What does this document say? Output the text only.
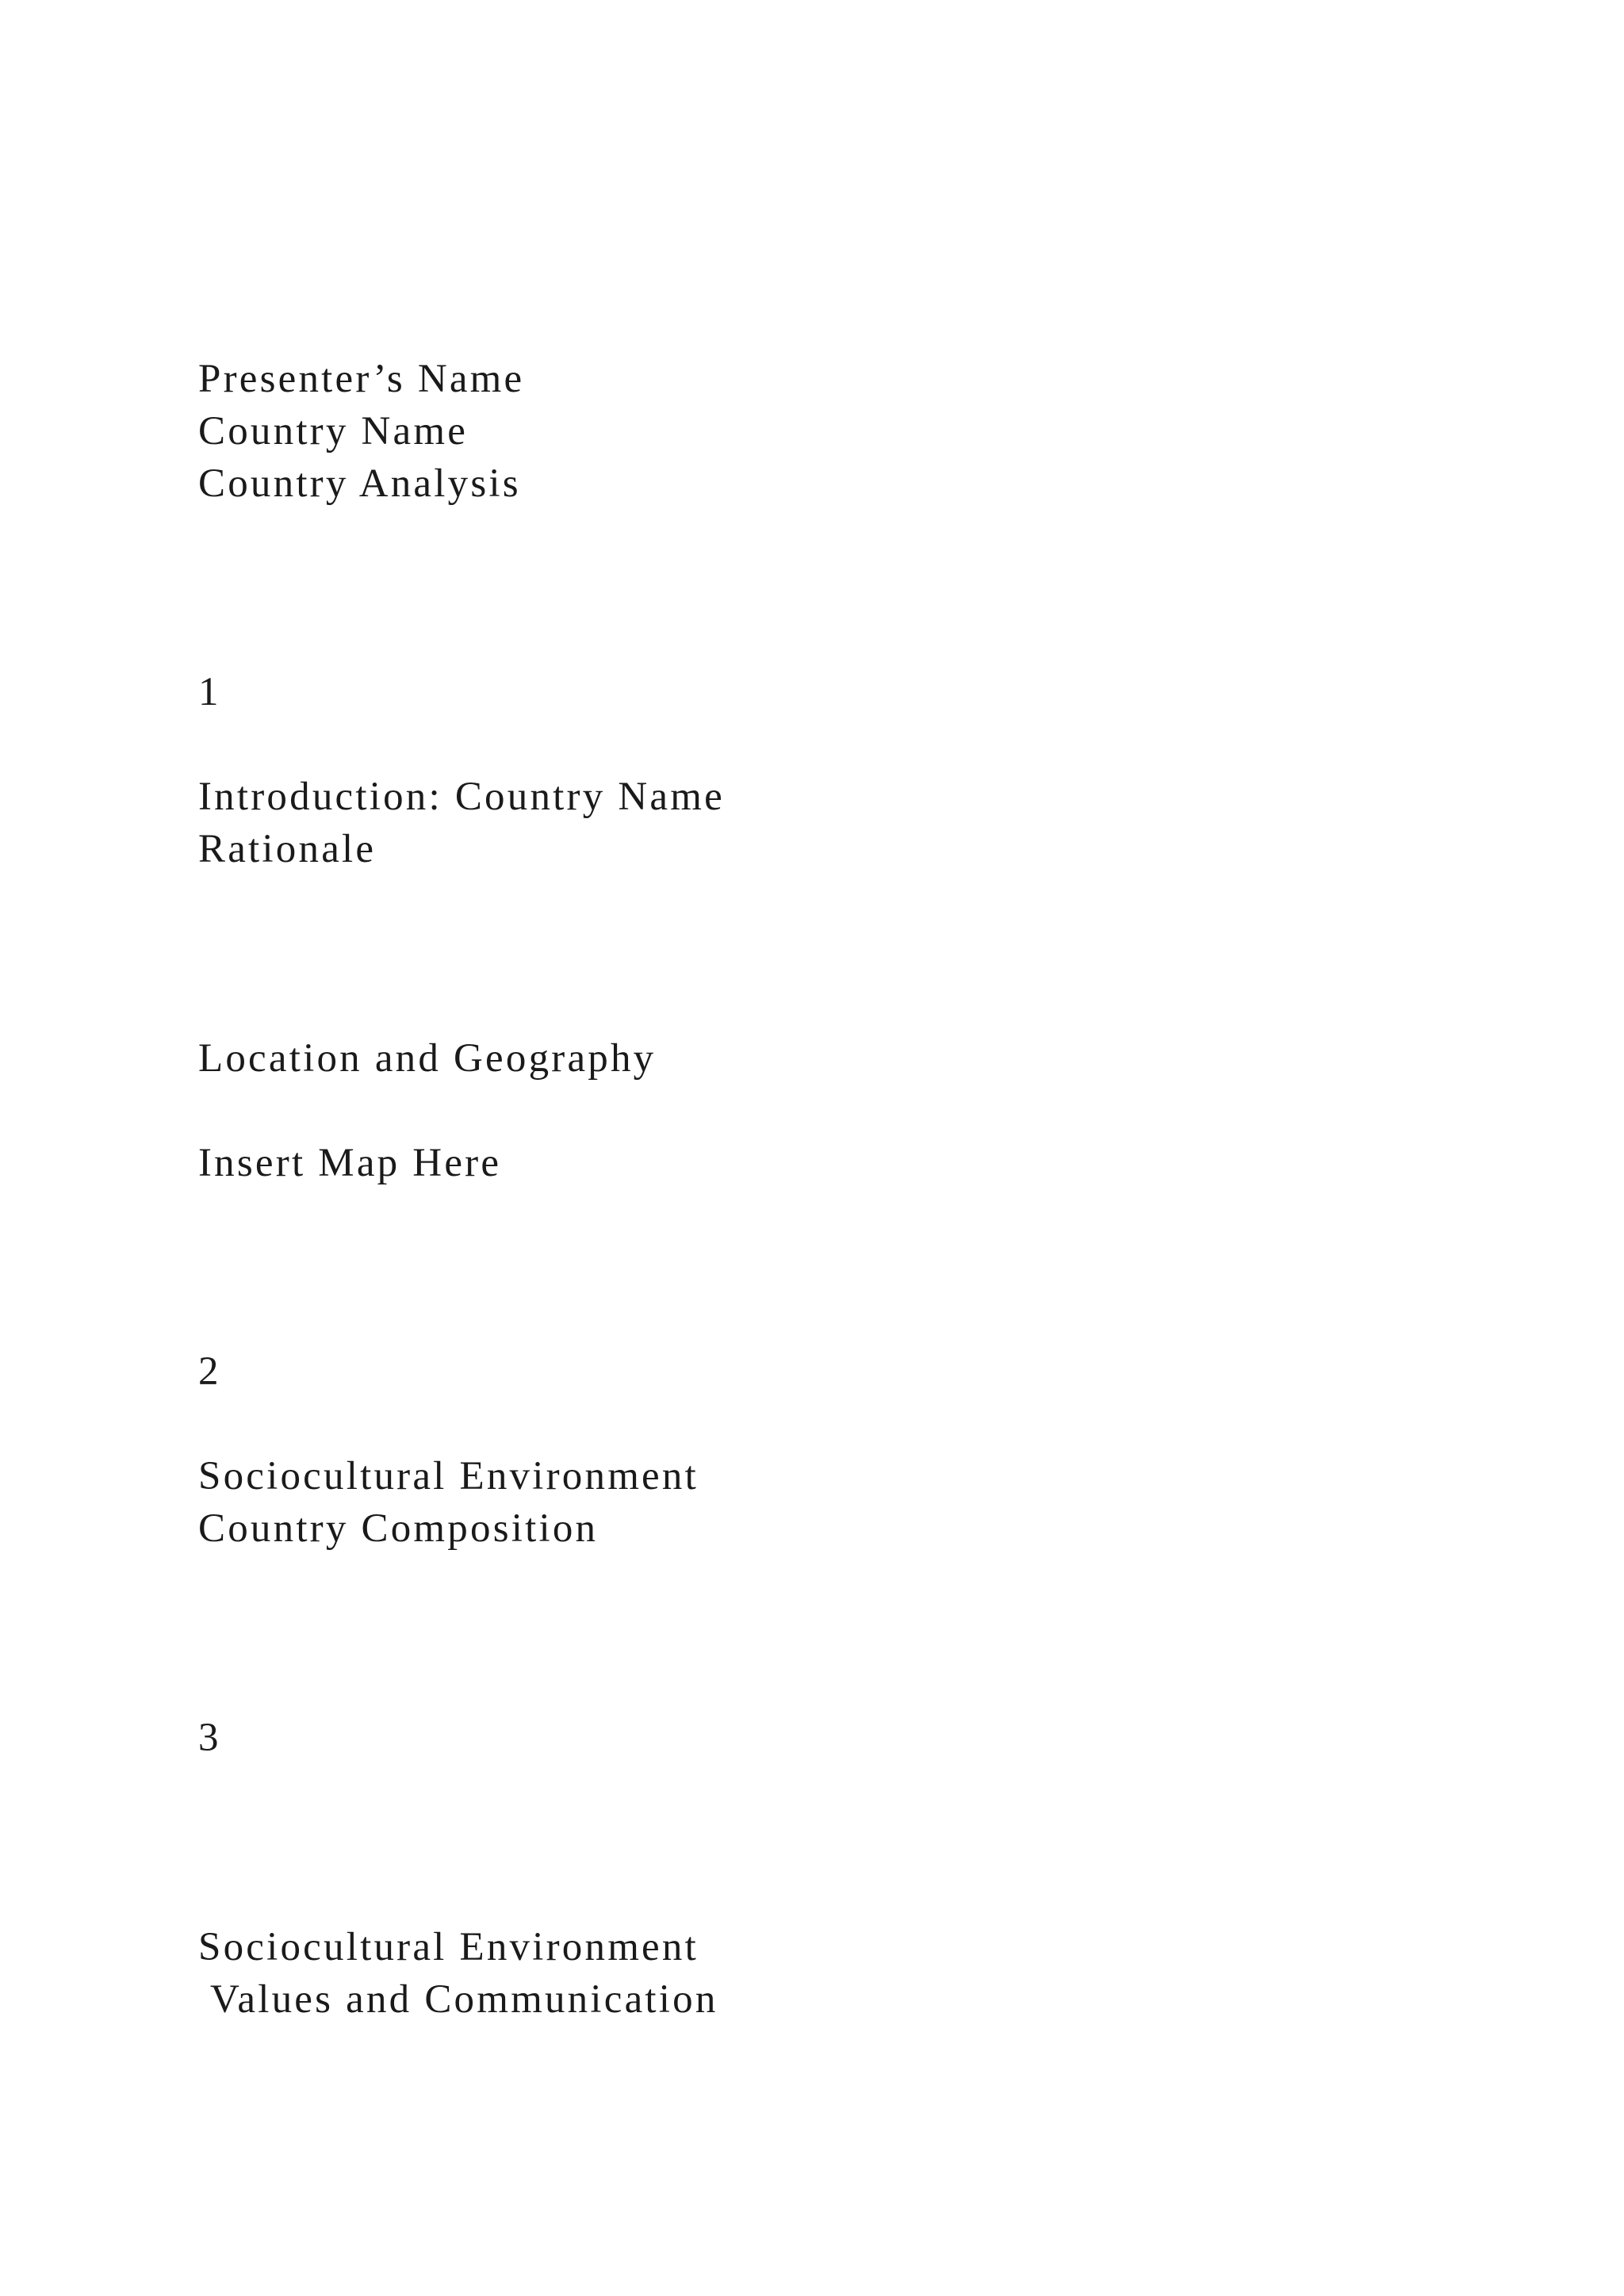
Presenter’s Name

Country Name

Country Analysis

1

Introduction: Country Name

Rationale

Location and Geography

Insert Map Here

2

Sociocultural Environment

Country Composition

3

Sociocultural Environment

Values and Communication
